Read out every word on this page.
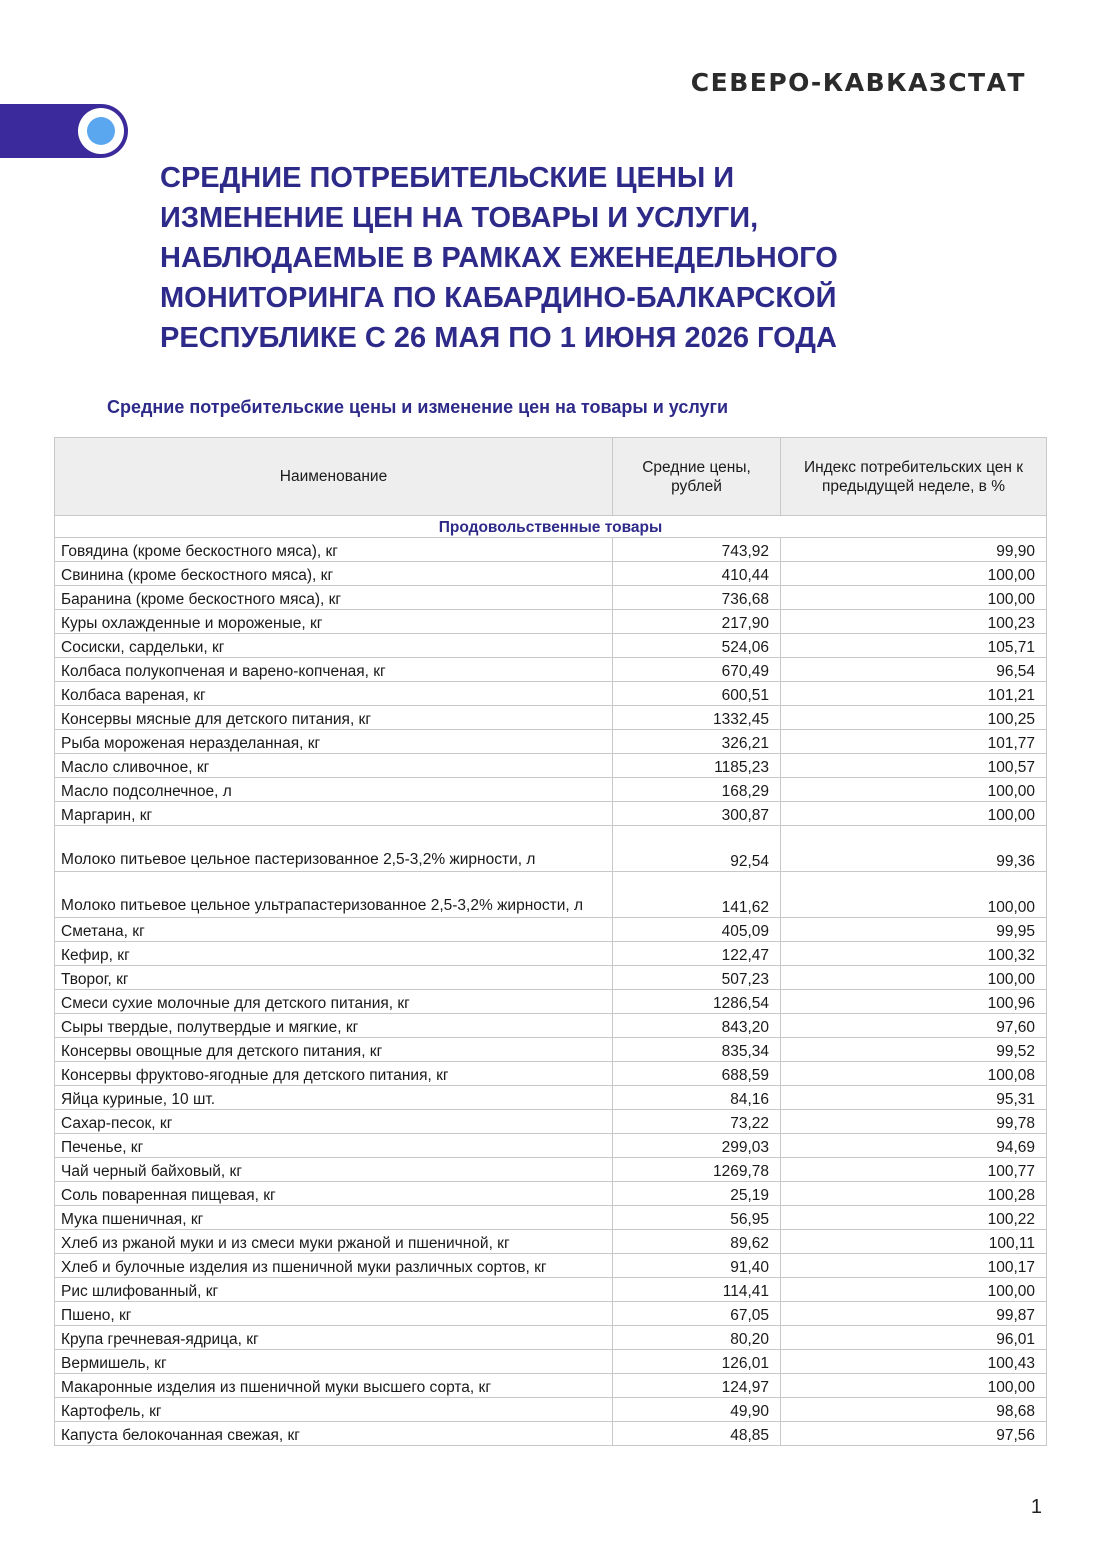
СЕВЕРО-КАВКАЗСТАТ
СРЕДНИЕ ПОТРЕБИТЕЛЬСКИЕ ЦЕНЫ И
ИЗМЕНЕНИЕ ЦЕН НА ТОВАРЫ И УСЛУГИ,
НАБЛЮДАЕМЫЕ В РАМКАХ ЕЖЕНЕДЕЛЬНОГО
МОНИТОРИНГА ПО КАБАРДИНО-БАЛКАРСКОЙ
РЕСПУБЛИКЕ С 26 МАЯ ПО 1 ИЮНЯ 2026 ГОДА
Средние потребительские цены и изменение цен на товары и услуги
Наименование	Средние цены, рублей	Индекс потребительских цен к предыдущей неделе, в %
Продовольственные товары		
Говядина (кроме бескостного мяса), кг	743,92	99,90
Свинина (кроме бескостного мяса), кг	410,44	100,00
Баранина (кроме бескостного мяса), кг	736,68	100,00
Куры охлажденные и мороженые, кг	217,90	100,23
Сосиски, сардельки, кг	524,06	105,71
Колбаса полукопченая и варено-копченая, кг	670,49	96,54
Колбаса вареная, кг	600,51	101,21
Консервы мясные для детского питания, кг	1332,45	100,25
Рыба мороженая неразделанная, кг	326,21	101,77
Масло сливочное, кг	1185,23	100,57
Масло подсолнечное, л	168,29	100,00
Маргарин, кг	300,87	100,00
Молоко питьевое цельное пастеризованное 2,5-3,2% жирности, л	92,54	99,36
Молоко питьевое цельное ультрапастеризованное 2,5-3,2% жирности, л	141,62	100,00
Сметана, кг	405,09	99,95
Кефир, кг	122,47	100,32
Творог, кг	507,23	100,00
Смеси сухие молочные для детского питания, кг	1286,54	100,96
Сыры твердые, полутвердые и мягкие, кг	843,20	97,60
Консервы овощные для детского питания, кг	835,34	99,52
Консервы фруктово-ягодные для детского питания, кг	688,59	100,08
Яйца куриные, 10 шт.	84,16	95,31
Сахар-песок, кг	73,22	99,78
Печенье, кг	299,03	94,69
Чай черный байховый, кг	1269,78	100,77
Соль поваренная пищевая, кг	25,19	100,28
Мука пшеничная, кг	56,95	100,22
Хлеб из ржаной муки и из смеси муки ржаной и пшеничной, кг	89,62	100,11
Хлеб и булочные изделия из пшеничной муки различных сортов, кг	91,40	100,17
Рис шлифованный, кг	114,41	100,00
Пшено, кг	67,05	99,87
Крупа гречневая-ядрица, кг	80,20	96,01
Вермишель, кг	126,01	100,43
Макаронные изделия из пшеничной муки высшего сорта, кг	124,97	100,00
Картофель, кг	49,90	98,68
Капуста белокочанная свежая, кг	48,85	97,56
1
